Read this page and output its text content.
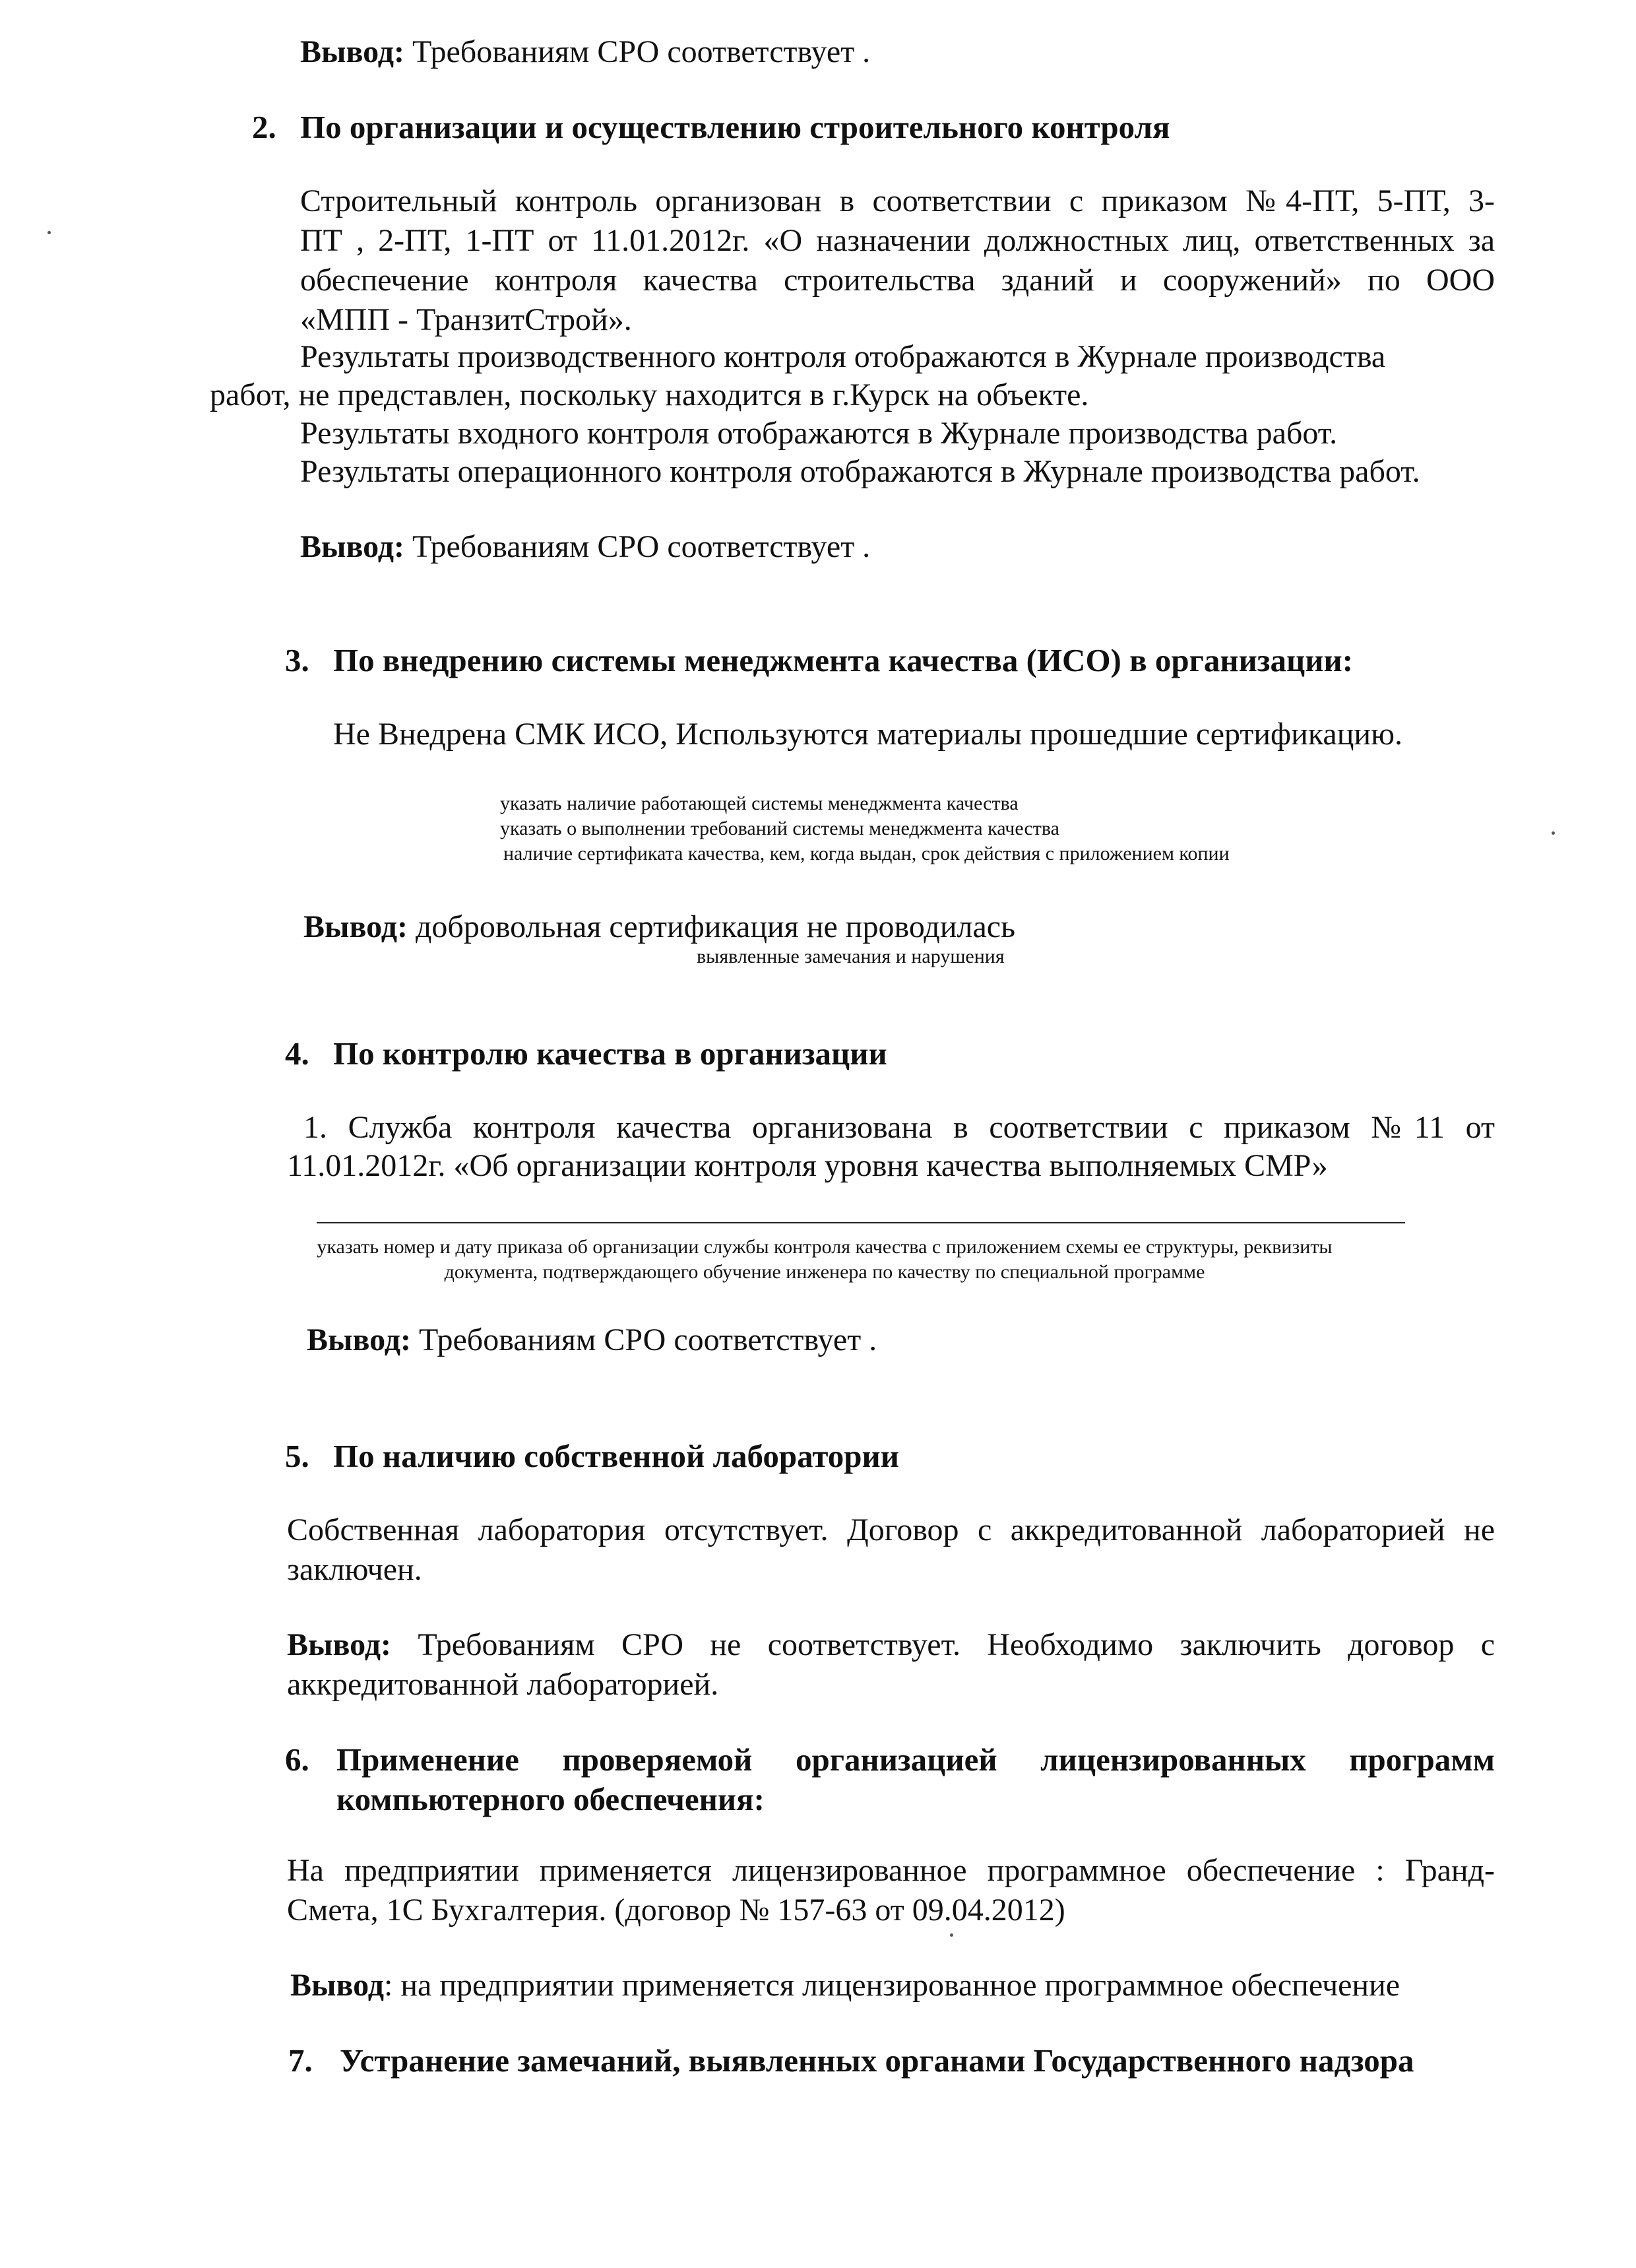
Вывод: Требованиям СРО соответствует .
2. По организации и осуществлению строительного контроля
Строительный контроль организован в соответствии с приказом №4-ПТ, 5-ПТ, 3-
ПТ , 2-ПТ, 1-ПТ от 11.01.2012г. «О назначении должностных лиц, ответственных за
обеспечение контроля качества строительства зданий и сооружений» по ООО
«МПП - ТранзитСтрой».
Результаты производственного контроля отображаются в Журнале производства
работ, не представлен, поскольку находится в г.Курск на объекте.
Результаты входного контроля отображаются в Журнале производства работ.
Результаты операционного контроля отображаются в Журнале производства работ.
Вывод: Требованиям СРО соответствует .
3. По внедрению системы менеджмента качества (ИСО) в организации:
Не Внедрена СМК ИСО, Используются материалы прошедшие сертификацию.
указать наличие работающей системы менеджмента качества
указать о выполнении требований системы менеджмента качества
наличие сертификата качества, кем, когда выдан, срок действия с приложением копии
Вывод: добровольная сертификация не проводилась
выявленные замечания и нарушения
4. По контролю качества в организации
1. Служба контроля качества организована в соответствии с приказом №11 от
11.01.2012г. «Об организации контроля уровня качества выполняемых СМР»
указать номер и дату приказа об организации службы контроля качества с приложением схемы ее структуры, реквизиты
документа, подтверждающего обучение инженера по качеству по специальной программе
Вывод: Требованиям СРО соответствует .
5. По наличию собственной лаборатории
Собственная лаборатория отсутствует. Договор с аккредитованной лабораторией не
заключен.
Вывод: Требованиям СРО не соответствует. Необходимо заключить договор с
аккредитованной лабораторией.
6. Применение проверяемой организацией лицензированных программ
компьютерного обеспечения:
На предприятии применяется лицензированное программное обеспечение : Гранд-
Смета, 1С Бухгалтерия. (договор № 157-63 от 09.04.2012)
Вывод: на предприятии применяется лицензированное программное обеспечение
7. Устранение замечаний, выявленных органами Государственного надзора
